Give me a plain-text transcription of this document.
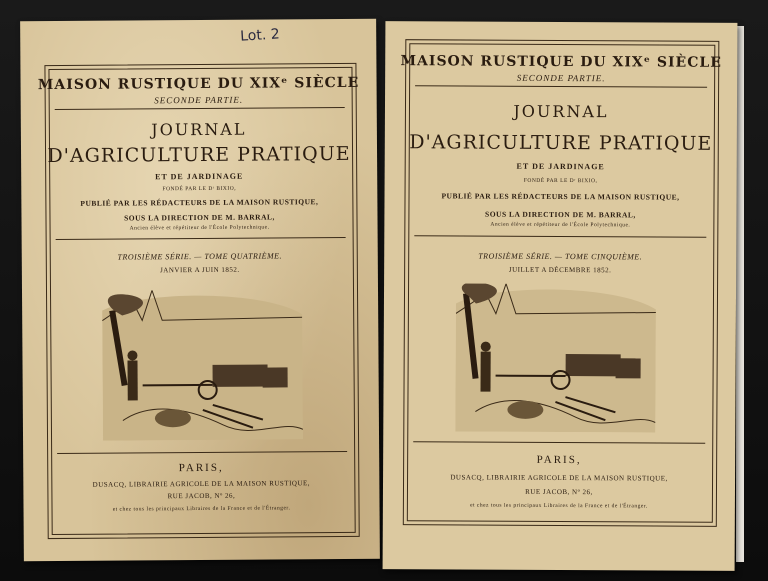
Lot. 2
MAISON RUSTIQUE DU XIXᵉ SIÈCLE
SECONDE PARTIE.
JOURNAL
D'AGRICULTURE PRATIQUE
ET DE JARDINAGE
FONDÉ PAR LE Dʳ BIXIO,
PUBLIÉ PAR LES RÉDACTEURS DE LA MAISON RUSTIQUE,
SOUS LA DIRECTION DE M. BARRAL,
Ancien élève et répétiteur de l'École Polytechnique.
TROISIÈME SÉRIE. — TOME QUATRIÈME.
JANVIER A JUIN 1852.
PARIS,
DUSACQ, LIBRAIRIE AGRICOLE DE LA MAISON RUSTIQUE,
RUE JACOB, Nº 26,
et chez tous les principaux Libraires de la France et de l'Étranger.
MAISON RUSTIQUE DU XIXᵉ SIÈCLE
SECONDE PARTIE.
JOURNAL
D'AGRICULTURE PRATIQUE
ET DE JARDINAGE
FONDÉ PAR LE Dʳ BIXIO,
PUBLIÉ PAR LES RÉDACTEURS DE LA MAISON RUSTIQUE,
SOUS LA DIRECTION DE M. BARRAL,
Ancien élève et répétiteur de l'École Polytechnique.
TROISIÈME SÉRIE. — TOME CINQUIÈME.
JUILLET A DÉCEMBRE 1852.
PARIS,
DUSACQ, LIBRAIRIE AGRICOLE DE LA MAISON RUSTIQUE,
RUE JACOB, Nº 26,
et chez tous les principaux Libraires de la France et de l'Étranger.
